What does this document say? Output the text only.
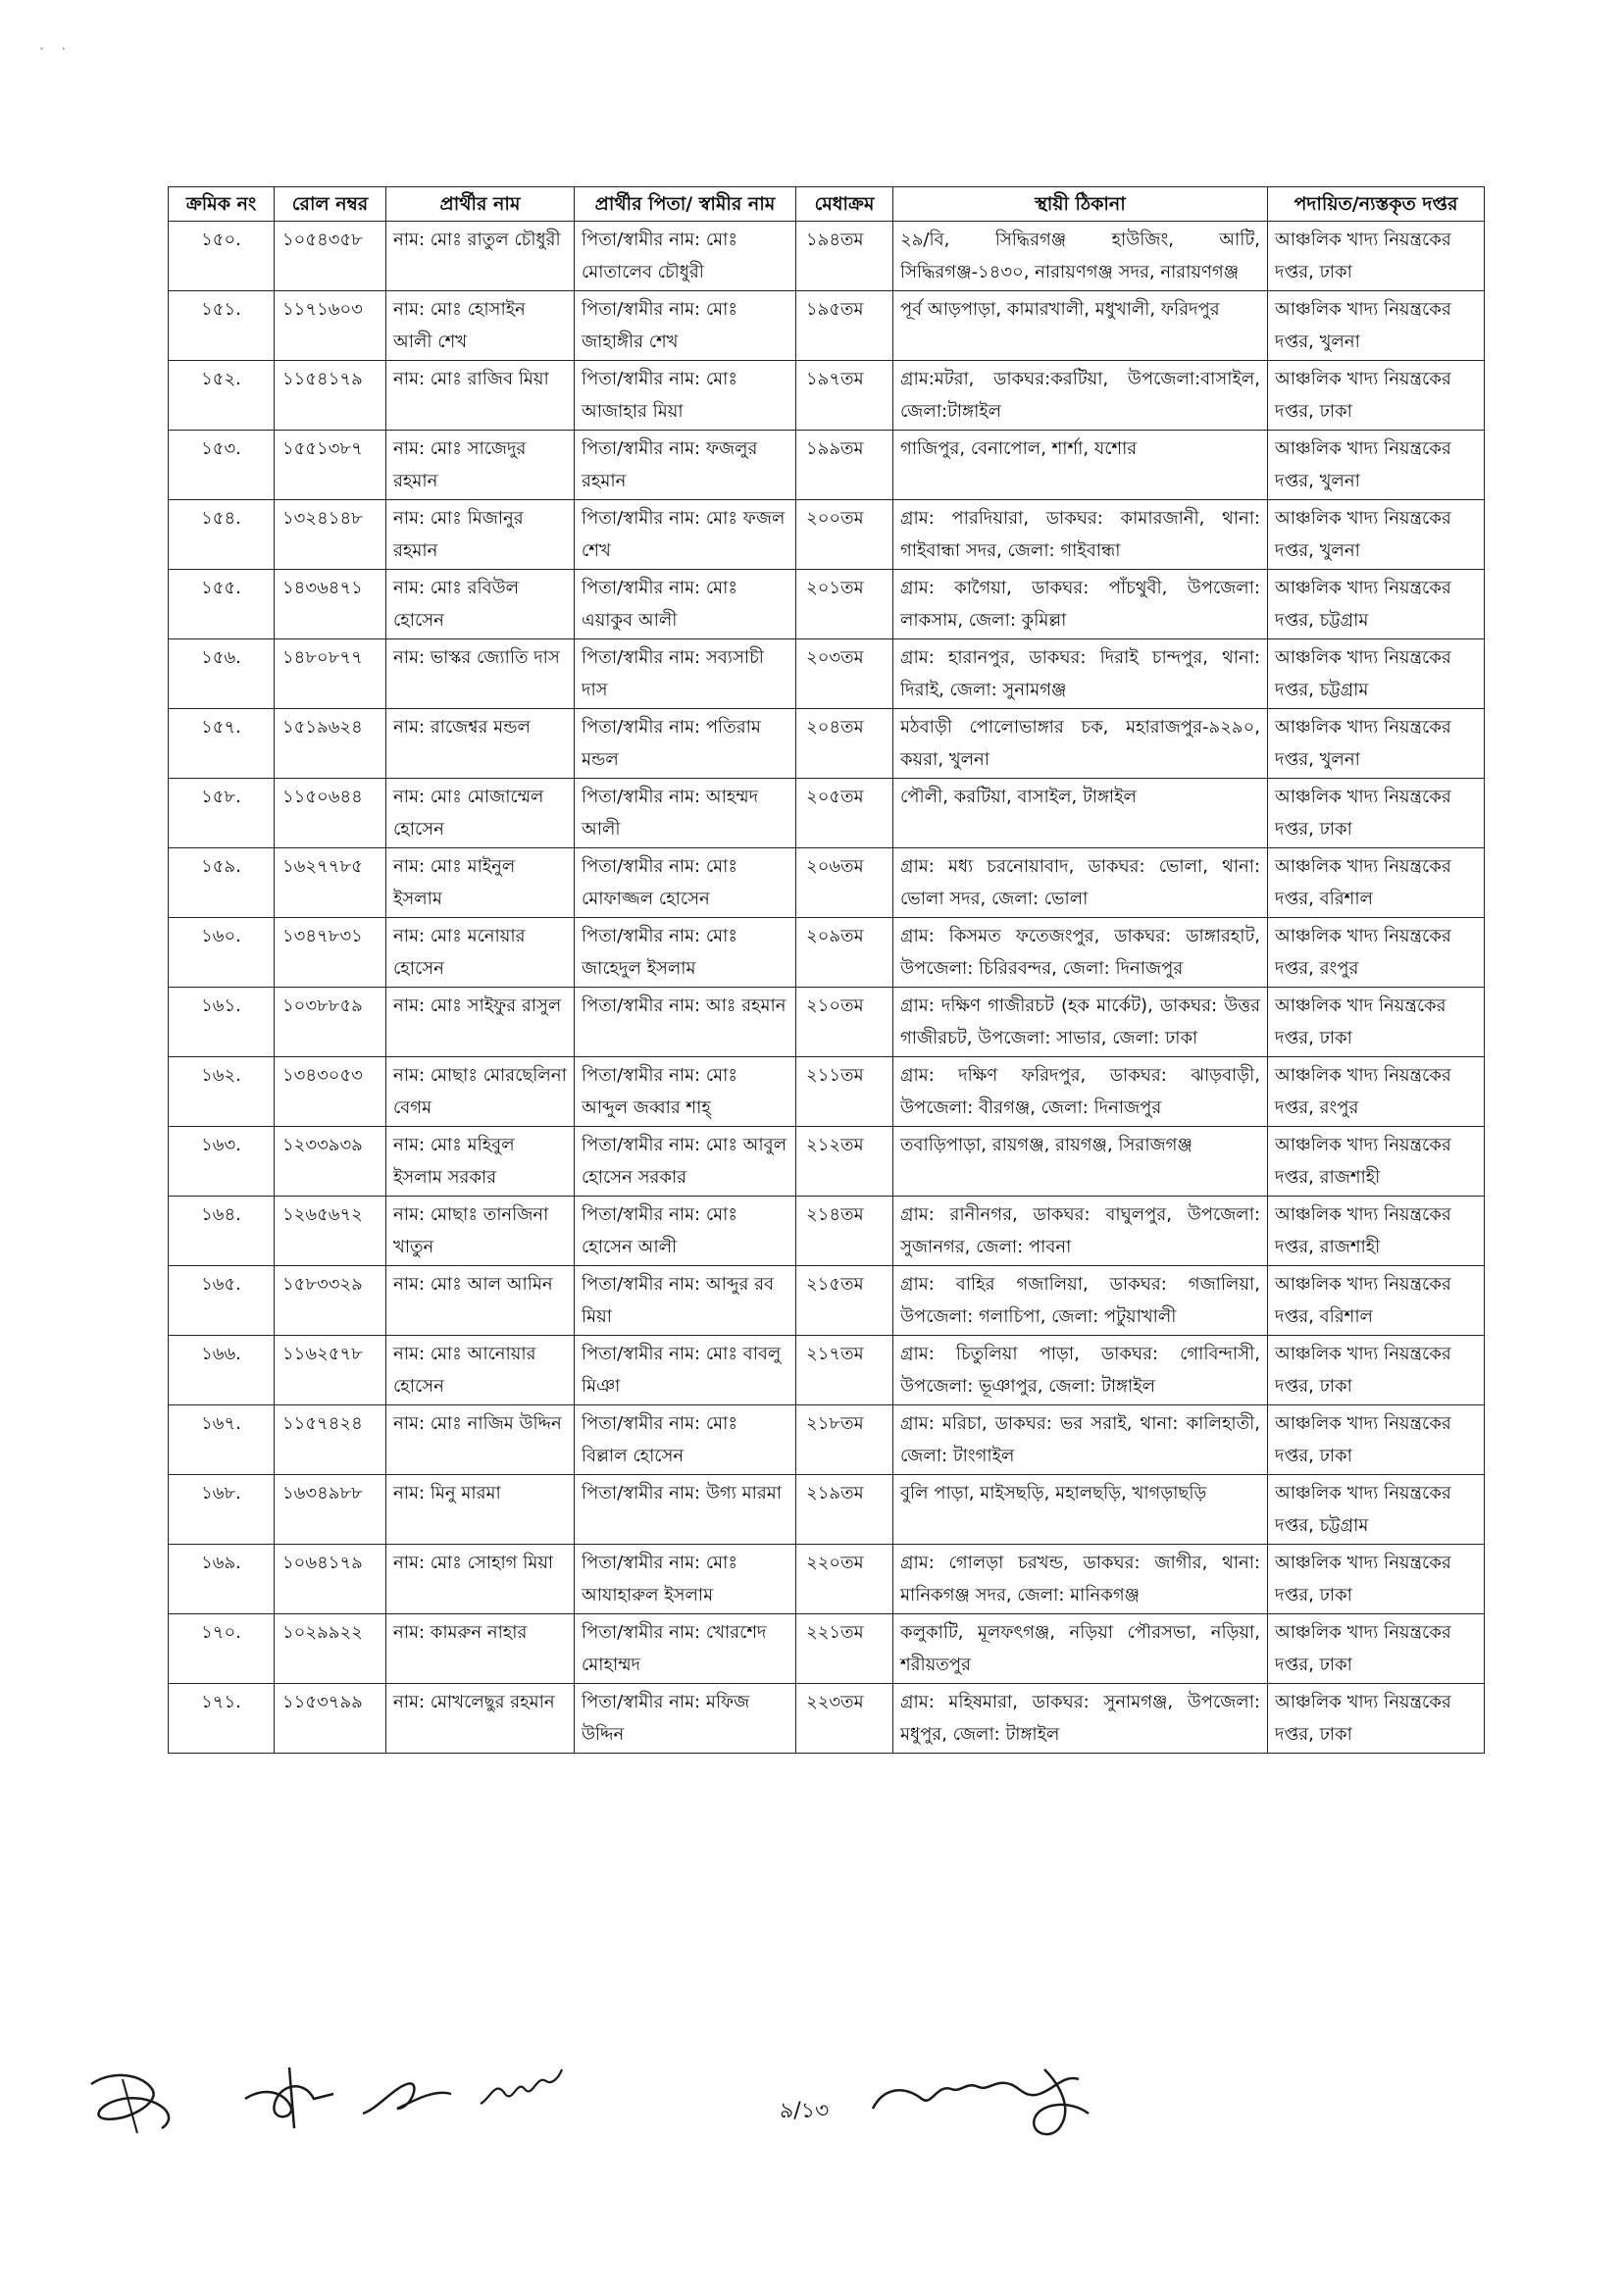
· ·
ক্রমিক নং	রোল নম্বর	প্রার্থীর নাম	প্রার্থীর পিতা/ স্বামীর নাম	মেধাক্রম	স্থায়ী ঠিকানা	পদায়িত/ন্যস্তকৃত দপ্তর
১৫০.	১০৫৪৩৫৮	নাম: মোঃ রাতুল চৌধুরী	পিতা/স্বামীর নাম: মোঃ মোতালেব চৌধুরী	১৯৪তম	২৯/বি, সিদ্ধিরগঞ্জ হাউজিং, আটি, সিদ্ধিরগঞ্জ-১৪৩০, নারায়ণগঞ্জ সদর, নারায়ণগঞ্জ	আঞ্চলিক খাদ্য নিয়ন্ত্রকের দপ্তর, ঢাকা
১৫১.	১১৭১৬০৩	নাম: মোঃ হোসাইন আলী শেখ	পিতা/স্বামীর নাম: মোঃ জাহাঙ্গীর শেখ	১৯৫তম	পূর্ব আড়পাড়া, কামারখালী, মধুখালী, ফরিদপুর	আঞ্চলিক খাদ্য নিয়ন্ত্রকের দপ্তর, খুলনা
১৫২.	১১৫৪১৭৯	নাম: মোঃ রাজিব মিয়া	পিতা/স্বামীর নাম: মোঃ আজাহার মিয়া	১৯৭তম	গ্রাম:মটরা, ডাকঘর:করটিয়া, উপজেলা:বাসাইল, জেলা:টাঙ্গাইল	আঞ্চলিক খাদ্য নিয়ন্ত্রকের দপ্তর, ঢাকা
১৫৩.	১৫৫১৩৮৭	নাম: মোঃ সাজেদুর রহমান	পিতা/স্বামীর নাম: ফজলুর রহমান	১৯৯তম	গাজিপুর, বেনাপোল, শার্শা, যশোর	আঞ্চলিক খাদ্য নিয়ন্ত্রকের দপ্তর, খুলনা
১৫৪.	১৩২৪১৪৮	নাম: মোঃ মিজানুর রহমান	পিতা/স্বামীর নাম: মোঃ ফজল শেখ	২০০তম	গ্রাম: পারদিয়ারা, ডাকঘর: কামারজানী, থানা: গাইবান্ধা সদর, জেলা: গাইবান্ধা	আঞ্চলিক খাদ্য নিয়ন্ত্রকের দপ্তর, খুলনা
১৫৫.	১৪৩৬৪৭১	নাম: মোঃ রবিউল হোসেন	পিতা/স্বামীর নাম: মোঃ এয়াকুব আলী	২০১তম	গ্রাম: কাগৈয়া, ডাকঘর: পাঁচথুবী, উপজেলা: লাকসাম, জেলা: কুমিল্লা	আঞ্চলিক খাদ্য নিয়ন্ত্রকের দপ্তর, চট্টগ্রাম
১৫৬.	১৪৮০৮৭৭	নাম: ভাস্কর জ্যোতি দাস	পিতা/স্বামীর নাম: সব্যসাচী দাস	২০৩তম	গ্রাম: হারানপুর, ডাকঘর: দিরাই চান্দপুর, থানা: দিরাই, জেলা: সুনামগঞ্জ	আঞ্চলিক খাদ্য নিয়ন্ত্রকের দপ্তর, চট্টগ্রাম
১৫৭.	১৫১৯৬২৪	নাম: রাজেশ্বর মন্ডল	পিতা/স্বামীর নাম: পতিরাম মন্ডল	২০৪তম	মঠবাড়ী পোলোভাঙ্গার চক, মহারাজপুর-৯২৯০, কয়রা, খুলনা	আঞ্চলিক খাদ্য নিয়ন্ত্রকের দপ্তর, খুলনা
১৫৮.	১১৫০৬৪৪	নাম: মোঃ মোজাম্মেল হোসেন	পিতা/স্বামীর নাম: আহম্মদ আলী	২০৫তম	পৌলী, করটিয়া, বাসাইল, টাঙ্গাইল	আঞ্চলিক খাদ্য নিয়ন্ত্রকের দপ্তর, ঢাকা
১৫৯.	১৬২৭৭৮৫	নাম: মোঃ মাইনুল ইসলাম	পিতা/স্বামীর নাম: মোঃ মোফাজ্জল হোসেন	২০৬তম	গ্রাম: মধ্য চরনোয়াবাদ, ডাকঘর: ভোলা, থানা: ভোলা সদর, জেলা: ভোলা	আঞ্চলিক খাদ্য নিয়ন্ত্রকের দপ্তর, বরিশাল
১৬০.	১৩৪৭৮৩১	নাম: মোঃ মনোয়ার হোসেন	পিতা/স্বামীর নাম: মোঃ জাহেদুল ইসলাম	২০৯তম	গ্রাম: কিসমত ফতেজংপুর, ডাকঘর: ডাঙ্গারহাট, উপজেলা: চিরিরবন্দর, জেলা: দিনাজপুর	আঞ্চলিক খাদ্য নিয়ন্ত্রকের দপ্তর, রংপুর
১৬১.	১০৩৮৮৫৯	নাম: মোঃ সাইফুর রাসুল	পিতা/স্বামীর নাম: আঃ রহমান	২১০তম	গ্রাম: দক্ষিণ গাজীরচট (হক মার্কেট), ডাকঘর: উত্তর গাজীরচট, উপজেলা: সাভার, জেলা: ঢাকা	আঞ্চলিক খাদ নিয়ন্ত্রকের দপ্তর, ঢাকা
১৬২.	১৩৪৩০৫৩	নাম: মোছাঃ মোরছেলিনা বেগম	পিতা/স্বামীর নাম: মোঃ আব্দুল জব্বার শাহ্	২১১তম	গ্রাম: দক্ষিণ ফরিদপুর, ডাকঘর: ঝাড়বাড়ী, উপজেলা: বীরগঞ্জ, জেলা: দিনাজপুর	আঞ্চলিক খাদ্য নিয়ন্ত্রকের দপ্তর, রংপুর
১৬৩.	১২৩৩৯৩৯	নাম: মোঃ মহিবুল ইসলাম সরকার	পিতা/স্বামীর নাম: মোঃ আবুল হোসেন সরকার	২১২তম	তবাড়িপাড়া, রায়গঞ্জ, রায়গঞ্জ, সিরাজগঞ্জ	আঞ্চলিক খাদ্য নিয়ন্ত্রকের দপ্তর, রাজশাহী
১৬৪.	১২৬৫৬৭২	নাম: মোছাঃ তানজিনা খাতুন	পিতা/স্বামীর নাম: মোঃ হোসেন আলী	২১৪তম	গ্রাম: রানীনগর, ডাকঘর: বাঘুলপুর, উপজেলা: সুজানগর, জেলা: পাবনা	আঞ্চলিক খাদ্য নিয়ন্ত্রকের দপ্তর, রাজশাহী
১৬৫.	১৫৮৩৩২৯	নাম: মোঃ আল আমিন	পিতা/স্বামীর নাম: আব্দুর রব মিয়া	২১৫তম	গ্রাম: বাহির গজালিয়া, ডাকঘর: গজালিয়া, উপজেলা: গলাচিপা, জেলা: পটুয়াখালী	আঞ্চলিক খাদ্য নিয়ন্ত্রকের দপ্তর, বরিশাল
১৬৬.	১১৬২৫৭৮	নাম: মোঃ আনোয়ার হোসেন	পিতা/স্বামীর নাম: মোঃ বাবলু মিঞা	২১৭তম	গ্রাম: চিতুলিয়া পাড়া, ডাকঘর: গোবিন্দাসী, উপজেলা: ভূঞাপুর, জেলা: টাঙ্গাইল	আঞ্চলিক খাদ্য নিয়ন্ত্রকের দপ্তর, ঢাকা
১৬৭.	১১৫৭৪২৪	নাম: মোঃ নাজিম উদ্দিন	পিতা/স্বামীর নাম: মোঃ বিল্লাল হোসেন	২১৮তম	গ্রাম: মরিচা, ডাকঘর: ভর সরাই, থানা: কালিহাতী, জেলা: টাংগাইল	আঞ্চলিক খাদ্য নিয়ন্ত্রকের দপ্তর, ঢাকা
১৬৮.	১৬৩৪৯৮৮	নাম: মিনু মারমা	পিতা/স্বামীর নাম: উগ্য মারমা	২১৯তম	বুলি পাড়া, মাইসছড়ি, মহালছড়ি, খাগড়াছড়ি	আঞ্চলিক খাদ্য নিয়ন্ত্রকের দপ্তর, চট্টগ্রাম
১৬৯.	১০৬৪১৭৯	নাম: মোঃ সোহাগ মিয়া	পিতা/স্বামীর নাম: মোঃ আযাহারুল ইসলাম	২২০তম	গ্রাম: গোলড়া চরখন্ড, ডাকঘর: জাগীর, থানা: মানিকগঞ্জ সদর, জেলা: মানিকগঞ্জ	আঞ্চলিক খাদ্য নিয়ন্ত্রকের দপ্তর, ঢাকা
১৭০.	১০২৯৯২২	নাম: কামরুন নাহার	পিতা/স্বামীর নাম: খোরশেদ মোহাম্মদ	২২১তম	কলুকাটি, মূলফৎগঞ্জ, নড়িয়া পৌরসভা, নড়িয়া, শরীয়তপুর	আঞ্চলিক খাদ্য নিয়ন্ত্রকের দপ্তর, ঢাকা
১৭১.	১১৫৩৭৯৯	নাম: মোখলেছুর রহমান	পিতা/স্বামীর নাম: মফিজ উদ্দিন	২২৩তম	গ্রাম: মহিষমারা, ডাকঘর: সুনামগঞ্জ, উপজেলা: মধুপুর, জেলা: টাঙ্গাইল	আঞ্চলিক খাদ্য নিয়ন্ত্রকের দপ্তর, ঢাকা
৯/১৩
